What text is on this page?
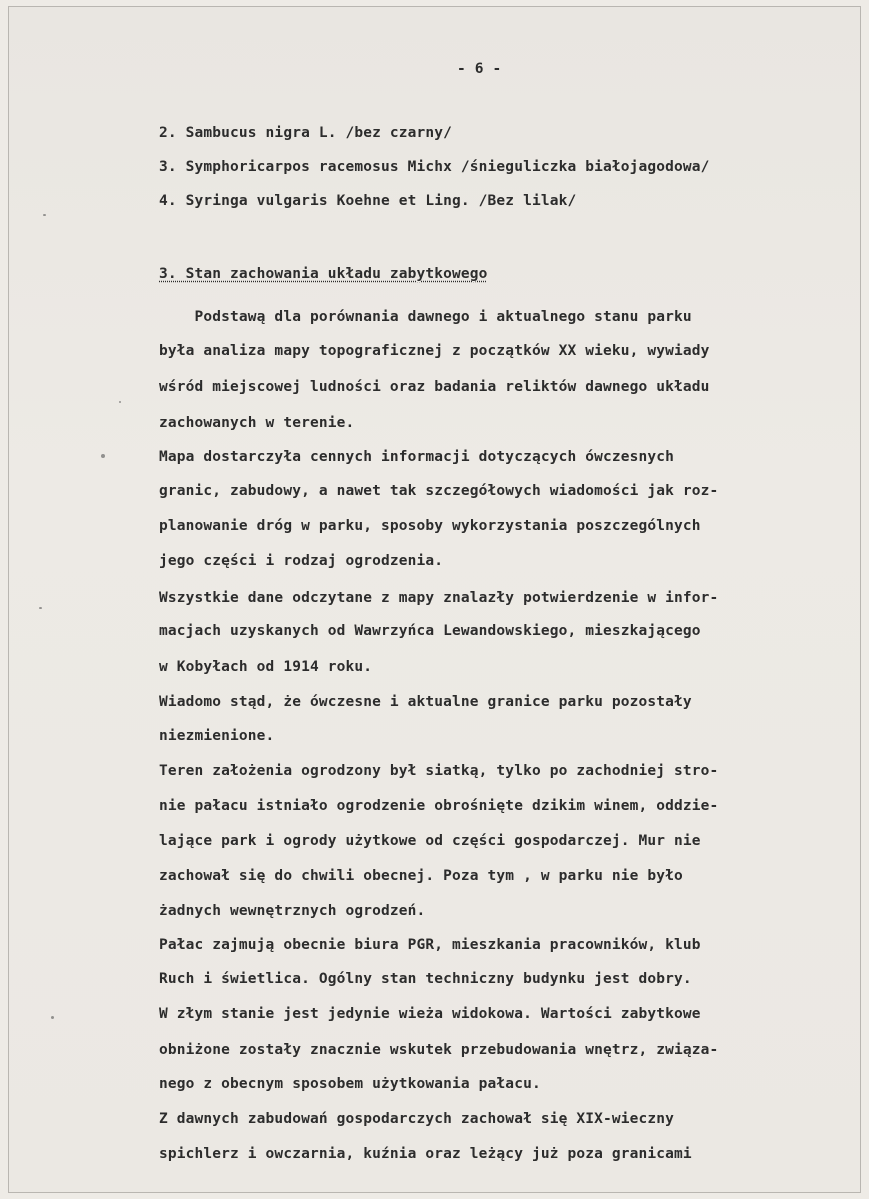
- 6 -
2. Sambucus nigra L. /bez czarny/
3. Symphoricarpos racemosus Michx /śnieguliczka białojagodowa/
4. Syringa vulgaris Koehne et Ling. /Bez lilak/
3. Stan zachowania układu zabytkowego
Podstawą dla porównania dawnego i aktualnego stanu parku
była analiza mapy topograficznej z początków XX wieku, wywiady
wśród miejscowej ludności oraz badania reliktów dawnego układu
zachowanych w terenie.
Mapa dostarczyła cennych informacji dotyczących ówczesnych
granic, zabudowy, a nawet tak szczegółowych wiadomości jak roz-
planowanie dróg w parku, sposoby wykorzystania poszczególnych
jego części i rodzaj ogrodzenia.
Wszystkie dane odczytane z mapy znalazły potwierdzenie w infor-
macjach uzyskanych od Wawrzyńca Lewandowskiego, mieszkającego
w Kobyłach od 1914 roku.
Wiadomo stąd, że ówczesne i aktualne granice parku pozostały
niezmienione.
Teren założenia ogrodzony był siatką, tylko po zachodniej stro-
nie pałacu istniało ogrodzenie obrośnięte dzikim winem, oddzie-
lające park i ogrody użytkowe od części gospodarczej. Mur nie
zachował się do chwili obecnej. Poza tym , w parku nie było
żadnych wewnętrznych ogrodzeń.
Pałac zajmują obecnie biura PGR, mieszkania pracowników, klub
Ruch i świetlica. Ogólny stan techniczny budynku jest dobry.
W złym stanie jest jedynie wieża widokowa. Wartości zabytkowe
obniżone zostały znacznie wskutek przebudowania wnętrz, związa-
nego z obecnym sposobem użytkowania pałacu.
Z dawnych zabudowań gospodarczych zachował się XIX-wieczny
spichlerz i owczarnia, kuźnia oraz leżący już poza granicami
